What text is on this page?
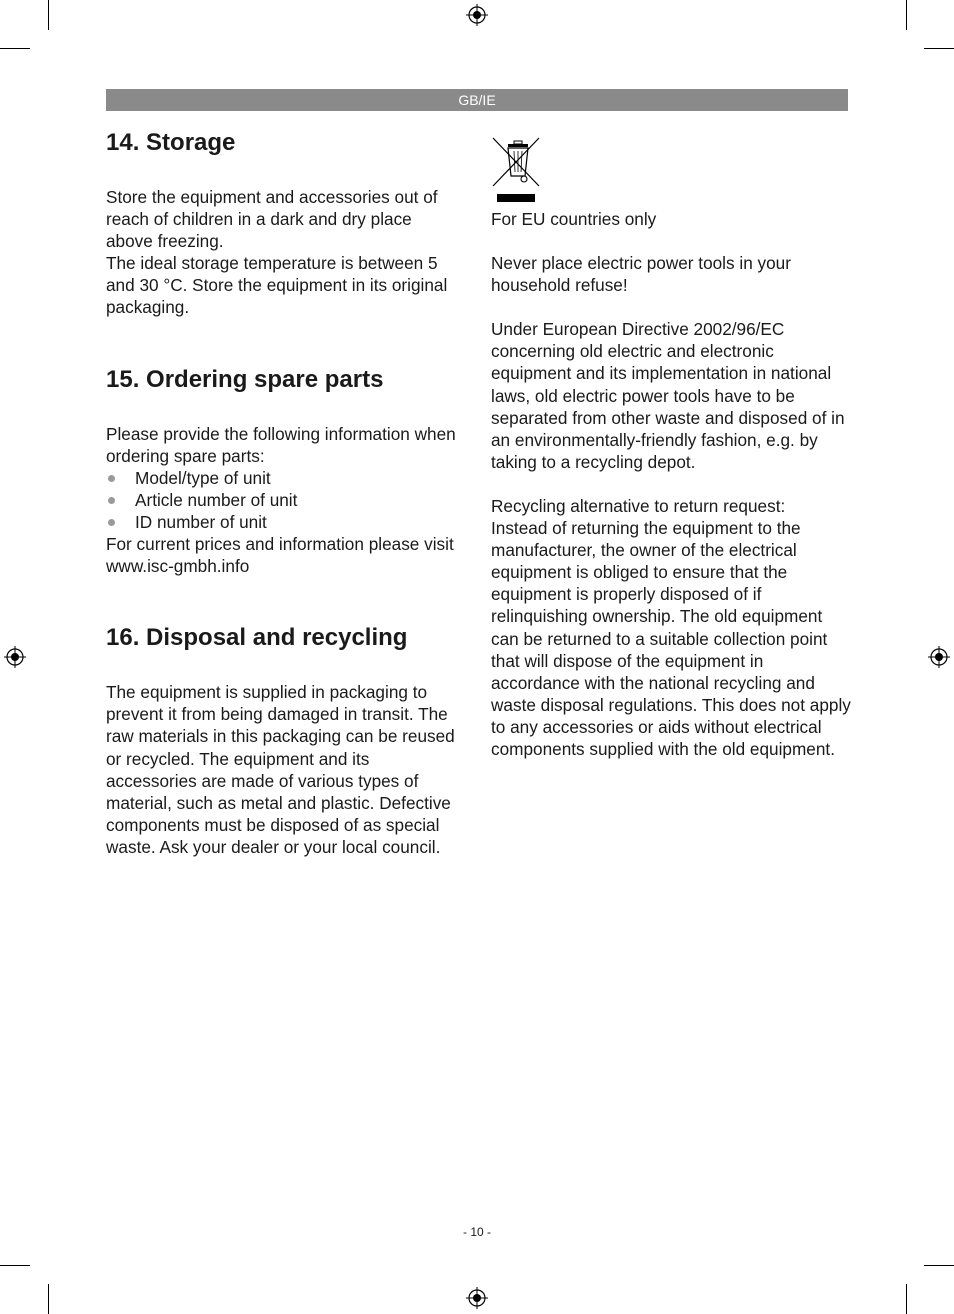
GB/IE
14. Storage

Store the equipment and accessories out of reach of children in a dark and dry place above freezing.

The ideal storage temperature is between 5 and 30 °C. Store the equipment in its original packaging.

15. Ordering spare parts

Please provide the following information when ordering spare parts:

Model/type of unit
Article number of unit
ID number of unit

For current prices and information please visit www.isc-gmbh.info

16. Disposal and recycling

The equipment is supplied in packaging to prevent it from being damaged in transit. The raw materials in this packaging can be reused or recycled. The equipment and its accessories are made of various types of material, such as metal and plastic. Defective components must be disposed of as special waste. Ask your dealer or your local council.

For EU countries only

Never place electric power tools in your household refuse!

Under European Directive 2002/96/EC concerning old electric and electronic equipment and its implementation in national laws, old electric power tools have to be separated from other waste and disposed of in an environmentally-friendly fashion, e.g. by taking to a recycling depot.

Recycling alternative to return request:

Instead of returning the equipment to the manufacturer, the owner of the electrical equipment is obliged to ensure that the equipment is properly disposed of if relinquishing ownership. The old equipment can be returned to a suitable collection point that will dispose of the equipment in accordance with the national recycling and waste disposal regulations. This does not apply to any accessories or aids without electrical components supplied with the old equipment.

- 10 -
